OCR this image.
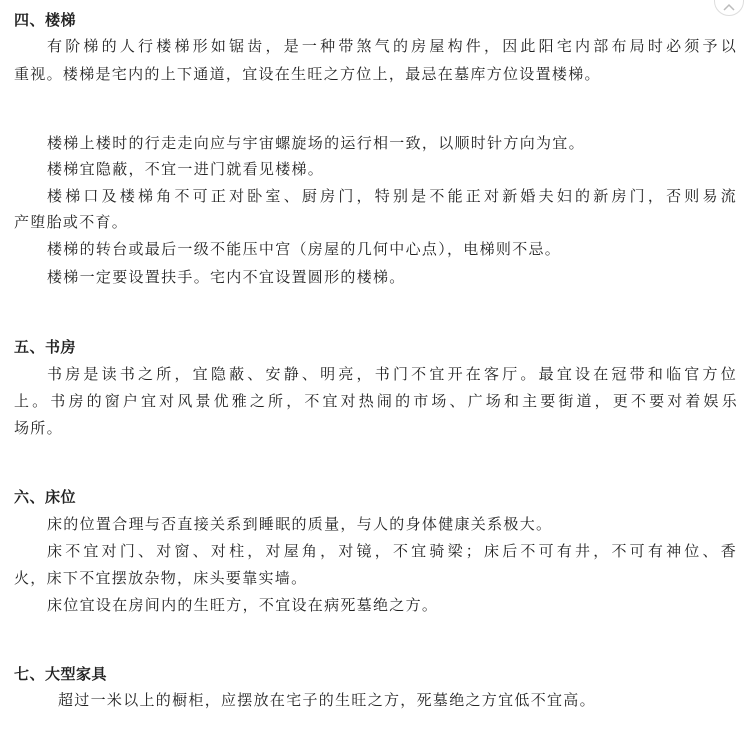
四、楼梯
有阶梯的人行楼梯形如锯齿，是一种带煞气的房屋构件，因此阳宅内部布局时必须予以
重视。楼梯是宅内的上下通道，宜设在生旺之方位上，最忌在墓库方位设置楼梯。
楼梯上楼时的行走走向应与宇宙螺旋场的运行相一致，以顺时针方向为宜。
楼梯宜隐蔽，不宜一进门就看见楼梯。
楼梯口及楼梯角不可正对卧室、厨房门，特别是不能正对新婚夫妇的新房门，否则易流
产堕胎或不育。
楼梯的转台或最后一级不能压中宫（房屋的几何中心点），电梯则不忌。
楼梯一定要设置扶手。宅内不宜设置圆形的楼梯。
五、书房
书房是读书之所，宜隐蔽、安静、明亮，书门不宜开在客厅。最宜设在冠带和临官方位
上。书房的窗户宜对风景优雅之所，不宜对热闹的市场、广场和主要街道，更不要对着娱乐
场所。
六、床位
床的位置合理与否直接关系到睡眠的质量，与人的身体健康关系极大。
床不宜对门、对窗、对柱，对屋角，对镜，不宜骑梁；床后不可有井，不可有神位、香
火，床下不宜摆放杂物，床头要靠实墙。
床位宜设在房间内的生旺方，不宜设在病死墓绝之方。
七、大型家具
超过一米以上的橱柜，应摆放在宅子的生旺之方，死墓绝之方宜低不宜高。
